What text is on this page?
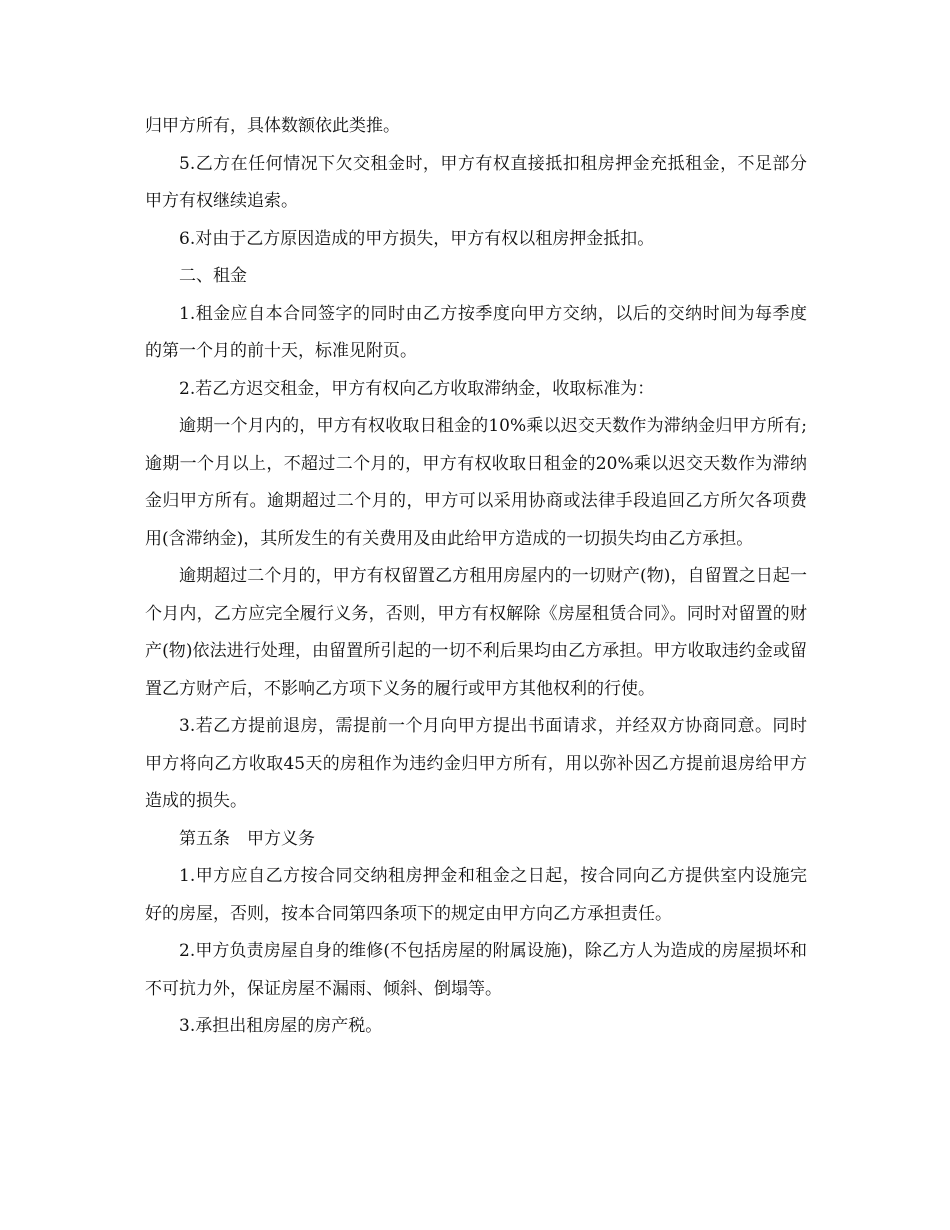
归甲方所有，具体数额依此类推。

5.乙方在任何情况下欠交租金时，甲方有权直接抵扣租房押金充抵租金，不足部分甲方有权继续追索。

6.对由于乙方原因造成的甲方损失，甲方有权以租房押金抵扣。

二、租金

1.租金应自本合同签字的同时由乙方按季度向甲方交纳，以后的交纳时间为每季度的第一个月的前十天，标准见附页。

2.若乙方迟交租金，甲方有权向乙方收取滞纳金，收取标准为：

逾期一个月内的，甲方有权收取日租金的10%乘以迟交天数作为滞纳金归甲方所有;逾期一个月以上，不超过二个月的，甲方有权收取日租金的20%乘以迟交天数作为滞纳金归甲方所有。逾期超过二个月的，甲方可以采用协商或法律手段追回乙方所欠各项费用(含滞纳金)，其所发生的有关费用及由此给甲方造成的一切损失均由乙方承担。

逾期超过二个月的，甲方有权留置乙方租用房屋内的一切财产(物)，自留置之日起一个月内，乙方应完全履行义务，否则，甲方有权解除《房屋租赁合同》。同时对留置的财产(物)依法进行处理，由留置所引起的一切不利后果均由乙方承担。甲方收取违约金或留置乙方财产后，不影响乙方项下义务的履行或甲方其他权利的行使。

3.若乙方提前退房，需提前一个月向甲方提出书面请求，并经双方协商同意。同时甲方将向乙方收取45天的房租作为违约金归甲方所有，用以弥补因乙方提前退房给甲方造成的损失。

第五条　甲方义务

1.甲方应自乙方按合同交纳租房押金和租金之日起，按合同向乙方提供室内设施完好的房屋，否则，按本合同第四条项下的规定由甲方向乙方承担责任。

2.甲方负责房屋自身的维修(不包括房屋的附属设施)，除乙方人为造成的房屋损坏和不可抗力外，保证房屋不漏雨、倾斜、倒塌等。

3.承担出租房屋的房产税。
